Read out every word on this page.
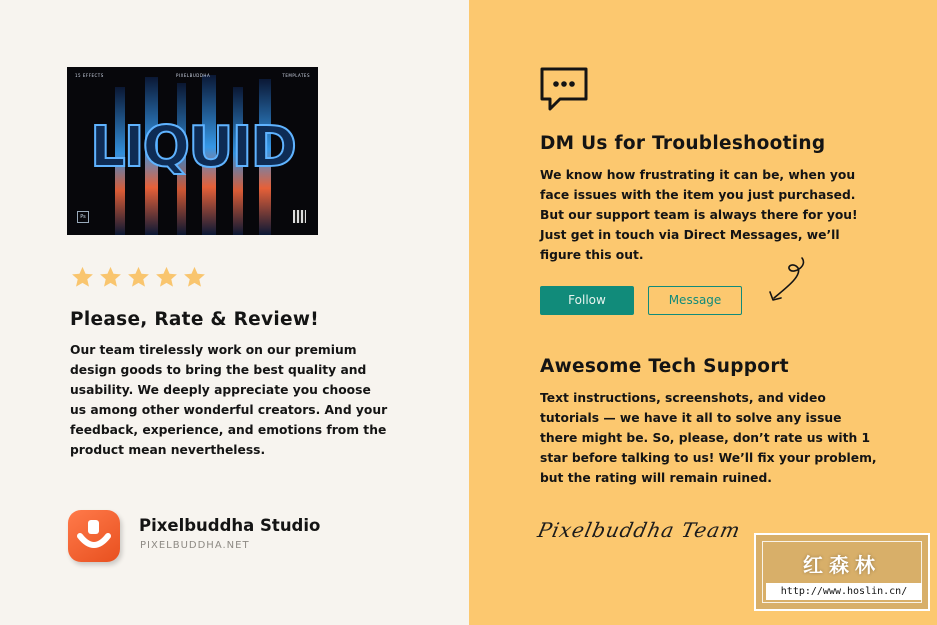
15 EFFECTS	PIXELBUDDHA	TEMPLATES
LIQUID
Ps
Please, Rate & Review!

Our team tirelessly work on our premium design goods to bring the best quality and usability. We deeply appreciate you choose us among other wonderful creators. And your feedback, experience, and emotions from the product mean nevertheless.

Pixelbuddha Studio
PIXELBUDDHA.NET
DM Us for Troubleshooting

We know how frustrating it can be, when you face issues with the item you just purchased. But our support team is always there for you! Just get in touch via Direct Messages, we’ll figure this out.

Follow	Message
Awesome Tech Support

Text instructions, screenshots, and video tutorials — we have it all to solve any issue there might be. So, please, don’t rate us with 1 star before talking to us! We’ll fix your problem, but the rating will remain ruined.

Pixelbuddha Team
红森林
http://www.hoslin.cn/
